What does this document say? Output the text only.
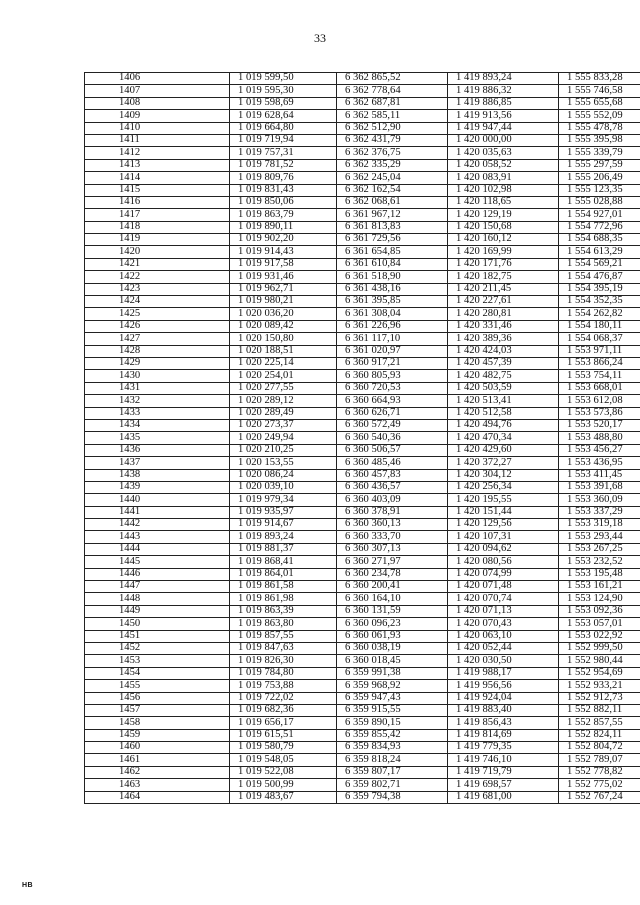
33
1406	1 019 599,50	6 362 865,52	1 419 893,24	1 555 833,28
1407	1 019 595,30	6 362 778,64	1 419 886,32	1 555 746,58
1408	1 019 598,69	6 362 687,81	1 419 886,85	1 555 655,68
1409	1 019 628,64	6 362 585,11	1 419 913,56	1 555 552,09
1410	1 019 664,80	6 362 512,90	1 419 947,44	1 555 478,78
1411	1 019 719,94	6 362 431,79	1 420 000,00	1 555 395,98
1412	1 019 757,31	6 362 376,75	1 420 035,63	1 555 339,79
1413	1 019 781,52	6 362 335,29	1 420 058,52	1 555 297,59
1414	1 019 809,76	6 362 245,04	1 420 083,91	1 555 206,49
1415	1 019 831,43	6 362 162,54	1 420 102,98	1 555 123,35
1416	1 019 850,06	6 362 068,61	1 420 118,65	1 555 028,88
1417	1 019 863,79	6 361 967,12	1 420 129,19	1 554 927,01
1418	1 019 890,11	6 361 813,83	1 420 150,68	1 554 772,96
1419	1 019 902,20	6 361 729,56	1 420 160,12	1 554 688,35
1420	1 019 914,43	6 361 654,85	1 420 169,99	1 554 613,29
1421	1 019 917,58	6 361 610,84	1 420 171,76	1 554 569,21
1422	1 019 931,46	6 361 518,90	1 420 182,75	1 554 476,87
1423	1 019 962,71	6 361 438,16	1 420 211,45	1 554 395,19
1424	1 019 980,21	6 361 395,85	1 420 227,61	1 554 352,35
1425	1 020 036,20	6 361 308,04	1 420 280,81	1 554 262,82
1426	1 020 089,42	6 361 226,96	1 420 331,46	1 554 180,11
1427	1 020 150,80	6 361 117,10	1 420 389,36	1 554 068,37
1428	1 020 188,51	6 361 020,97	1 420 424,03	1 553 971,11
1429	1 020 225,14	6 360 917,21	1 420 457,39	1 553 866,24
1430	1 020 254,01	6 360 805,93	1 420 482,75	1 553 754,11
1431	1 020 277,55	6 360 720,53	1 420 503,59	1 553 668,01
1432	1 020 289,12	6 360 664,93	1 420 513,41	1 553 612,08
1433	1 020 289,49	6 360 626,71	1 420 512,58	1 553 573,86
1434	1 020 273,37	6 360 572,49	1 420 494,76	1 553 520,17
1435	1 020 249,94	6 360 540,36	1 420 470,34	1 553 488,80
1436	1 020 210,25	6 360 506,57	1 420 429,60	1 553 456,27
1437	1 020 153,55	6 360 485,46	1 420 372,27	1 553 436,95
1438	1 020 086,24	6 360 457,83	1 420 304,12	1 553 411,45
1439	1 020 039,10	6 360 436,57	1 420 256,34	1 553 391,68
1440	1 019 979,34	6 360 403,09	1 420 195,55	1 553 360,09
1441	1 019 935,97	6 360 378,91	1 420 151,44	1 553 337,29
1442	1 019 914,67	6 360 360,13	1 420 129,56	1 553 319,18
1443	1 019 893,24	6 360 333,70	1 420 107,31	1 553 293,44
1444	1 019 881,37	6 360 307,13	1 420 094,62	1 553 267,25
1445	1 019 868,41	6 360 271,97	1 420 080,56	1 553 232,52
1446	1 019 864,01	6 360 234,78	1 420 074,99	1 553 195,48
1447	1 019 861,58	6 360 200,41	1 420 071,48	1 553 161,21
1448	1 019 861,98	6 360 164,10	1 420 070,74	1 553 124,90
1449	1 019 863,39	6 360 131,59	1 420 071,13	1 553 092,36
1450	1 019 863,80	6 360 096,23	1 420 070,43	1 553 057,01
1451	1 019 857,55	6 360 061,93	1 420 063,10	1 553 022,92
1452	1 019 847,63	6 360 038,19	1 420 052,44	1 552 999,50
1453	1 019 826,30	6 360 018,45	1 420 030,50	1 552 980,44
1454	1 019 784,80	6 359 991,38	1 419 988,17	1 552 954,69
1455	1 019 753,88	6 359 968,92	1 419 956,56	1 552 933,21
1456	1 019 722,02	6 359 947,43	1 419 924,04	1 552 912,73
1457	1 019 682,36	6 359 915,55	1 419 883,40	1 552 882,11
1458	1 019 656,17	6 359 890,15	1 419 856,43	1 552 857,55
1459	1 019 615,51	6 359 855,42	1 419 814,69	1 552 824,11
1460	1 019 580,79	6 359 834,93	1 419 779,35	1 552 804,72
1461	1 019 548,05	6 359 818,24	1 419 746,10	1 552 789,07
1462	1 019 522,08	6 359 807,17	1 419 719,79	1 552 778,82
1463	1 019 500,99	6 359 802,71	1 419 698,57	1 552 775,02
1464	1 019 483,67	6 359 794,38	1 419 681,00	1 552 767,24
HB
